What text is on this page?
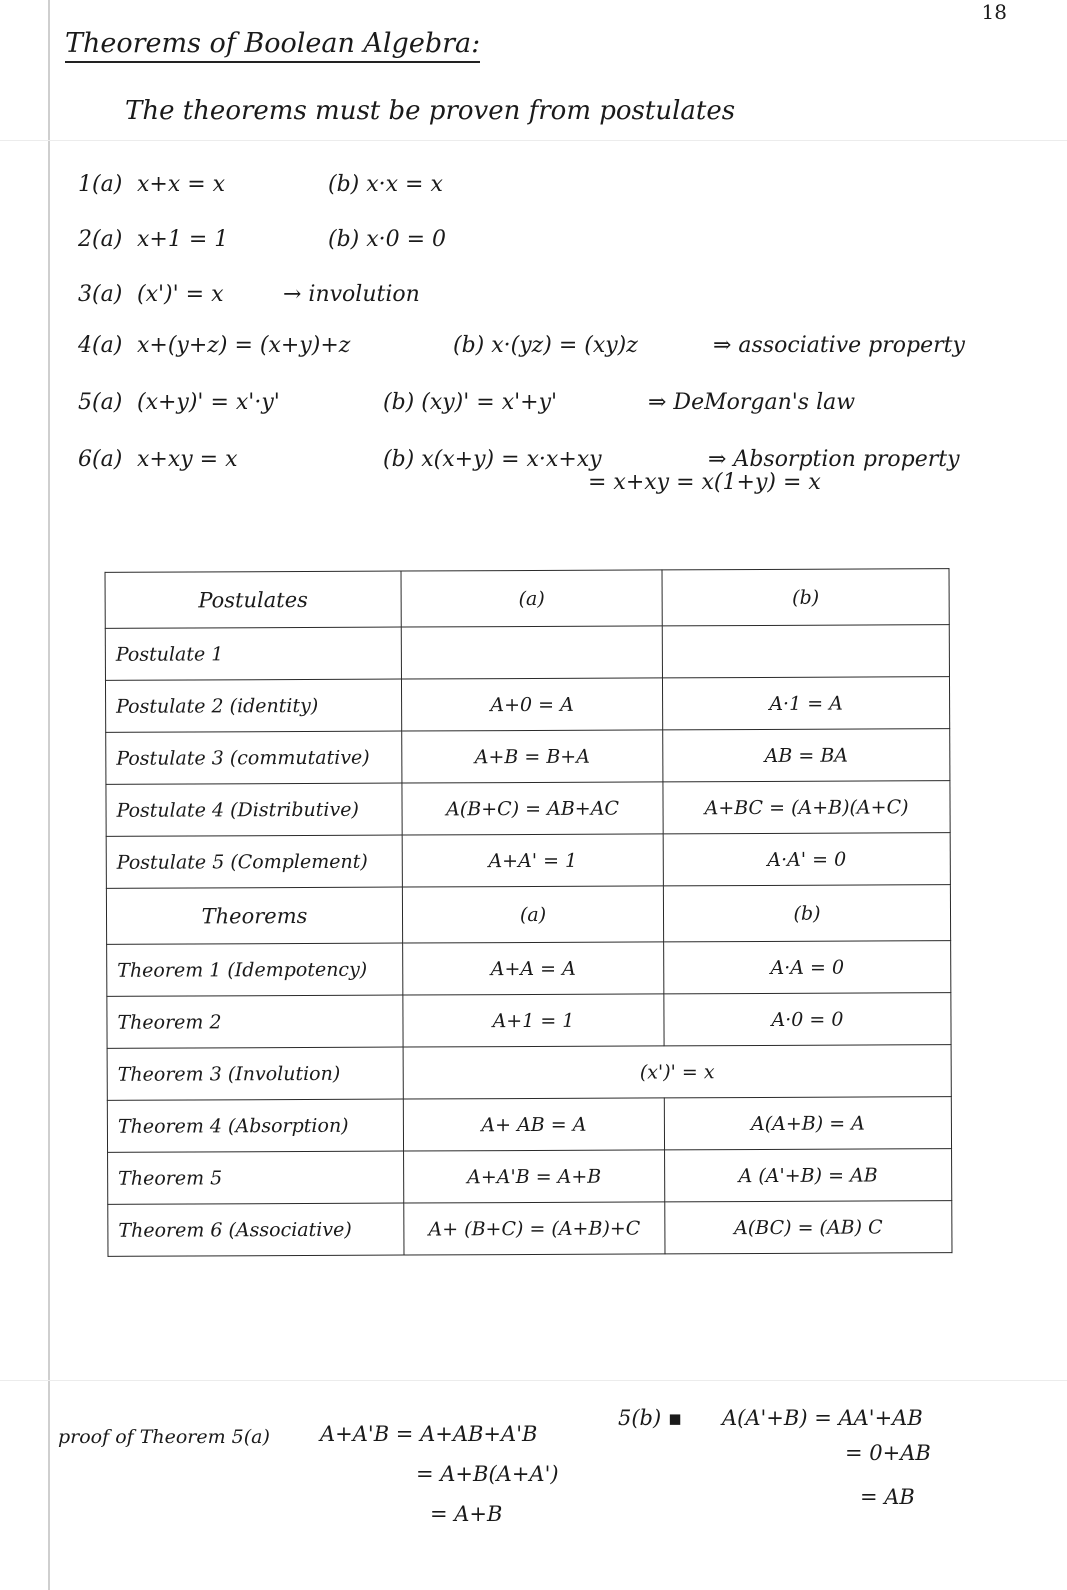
18
Theorems of Boolean Algebra:
The theorems must be proven from postulates
1(a) x+x = x	(b) x·x = x
2(a) x+1 = 1	(b) x·0 = 0
3(a) (x')' = x	→ involution
4(a) x+(y+z) = (x+y)+z	(b) x·(yz) = (xy)z	⇒ associative property
5(a) (x+y)' = x'·y'	(b) (xy)' = x'+y'	⇒ DeMorgan's law
6(a) x+xy = x	(b) x(x+y) = x·x+xy	⇒ Absorption property
= x+xy = x(1+y) = x
Postulates	(a)	(b)
Postulate 1		
Postulate 2 (identity)	A+0 = A	A·1 = A
Postulate 3 (commutative)	A+B = B+A	AB = BA
Postulate 4 (Distributive)	A(B+C) = AB+AC	A+BC = (A+B)(A+C)
Postulate 5 (Complement)	A+A' = 1	A·A' = 0
Theorems	(a)	(b)
Theorem 1 (Idempotency)	A+A = A	A·A = 0
Theorem 2	A+1 = 1	A·0 = 0
Theorem 3 (Involution)	(x')' = x	
Theorem 4 (Absorption)	A+ AB = A	A(A+B) = A
Theorem 5	A+A'B = A+B	A (A'+B) = AB
Theorem 6 (Associative)	A+ (B+C) = (A+B)+C	A(BC) = (AB) C
proof of Theorem 5(a) A+A'B = A+AB+A'B
= A+B(A+A')
= A+B
5(b) ▪ A(A'+B) = AA'+AB
= 0+AB
= AB
